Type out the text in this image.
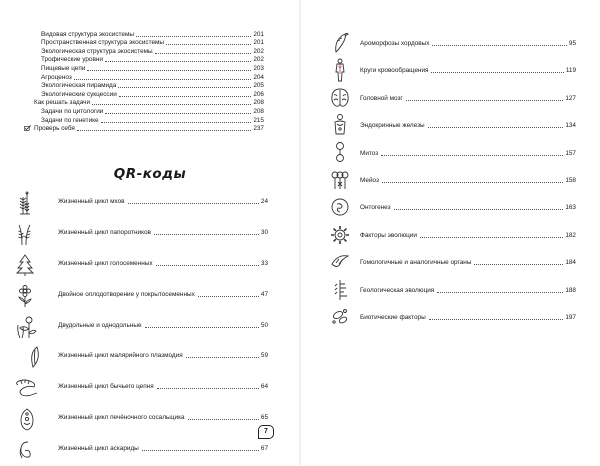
Видовая структура экосистемы	201
Пространственная структура экосистемы	201
Экологическая структура экосистемы	202
Трофические уровни	202
Пищевые цепи	203
Агроценоз	204
Экологическая пирамида	205
Экологические сукцессии	206
Как решать задачи	208
Задачи по цитологии	208
Задачи по генетике	215
Проверь себя	237
QR-коды
Жизненный цикл мхов	24
Жизненный цикл папоротников	30
Жизненный цикл голосеменных	33
Двойное оплодотворение у покрытосеменных	47
Двудольные и однодольные	50
Жизненный цикл малярийного плазмодия	59
Жизненный цикл бычьего цепня	64
Жизненный цикл печёночного сосальщика	65
Жизненный цикл аскариды	67
Ароморфозы хордовых	95
Круги кровообращения	119
Головной мозг	127
Эндокринные железы	134
Митоз	157
Мейоз	158
Онтогенез	163
Факторы эволюции	182
Гомологичные и аналогичные органы	184
Геологическая эволюция	188
Биотические факторы	197
7
